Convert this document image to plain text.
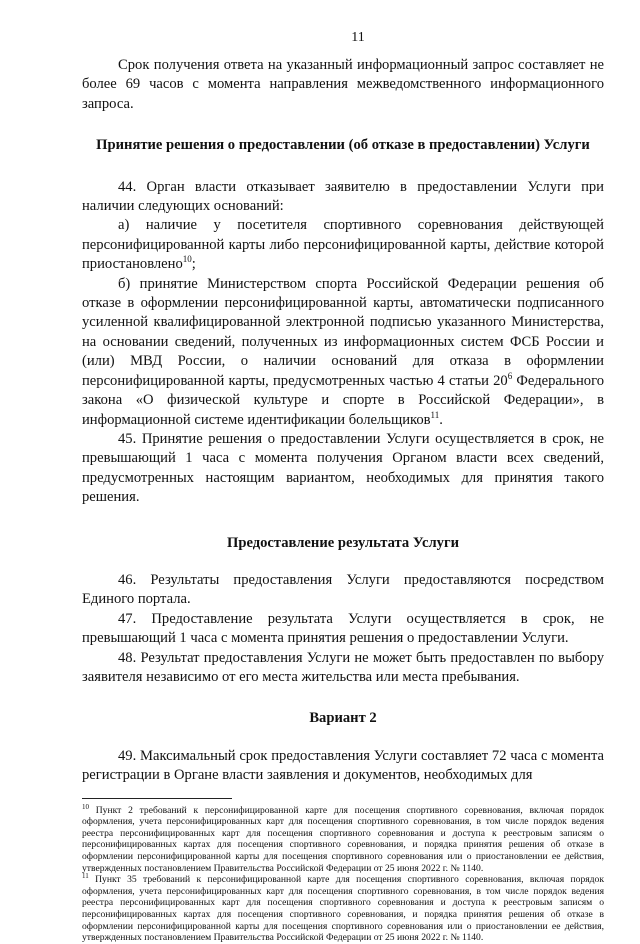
11

Срок получения ответа на указанный информационный запрос составляет не более 69 часов с момента направления межведомственного информационного запроса.

Принятие решения о предоставлении (об отказе в предоставлении) Услуги

44. Орган власти отказывает заявителю в предоставлении Услуги при наличии следующих оснований:

а) наличие у посетителя спортивного соревнования действующей персонифицированной карты либо персонифицированной карты, действие которой приостановлено$^{10}$;

б) принятие Министерством спорта Российской Федерации решения об отказе в оформлении персонифицированной карты, автоматически подписанного усиленной квалифицированной электронной подписью указанного Министерства, на основании сведений, полученных из информационных систем ФСБ России и (или) МВД России, о наличии оснований для отказа в оформлении персонифицированной карты, предусмотренных частью 4 статьи $20^6$ Федерального закона «О физической культуре и спорте в Российской Федерации», в информационной системе идентификации болельщиков$^{11}$.

45. Принятие решения о предоставлении Услуги осуществляется в срок, не превышающий 1 часа с момента получения Органом власти всех сведений, предусмотренных настоящим вариантом, необходимых для принятия такого решения.

Предоставление результата Услуги

46. Результаты предоставления Услуги предоставляются посредством Единого портала.

47. Предоставление результата Услуги осуществляется в срок, не превышающий 1 часа с момента принятия решения о предоставлении Услуги.

48. Результат предоставления Услуги не может быть предоставлен по выбору заявителя независимо от его места жительства или места пребывания.

Вариант 2

49. Максимальный срок предоставления Услуги составляет 72 часа с момента регистрации в Органе власти заявления и документов, необходимых для

$^{10}$ Пункт 2 требований к персонифицированной карте для посещения спортивного соревнования, включая порядок оформления, учета персонифицированных карт для посещения спортивного соревнования, в том числе порядок ведения реестра персонифицированных карт для посещения спортивного соревнования и доступа к реестровым записям о персонифицированных картах для посещения спортивного соревнования, и порядка принятия решения об отказе в оформлении персонифицированной карты для посещения спортивного соревнования или о приостановлении ее действия, утвержденных постановлением Правительства Российской Федерации от 25 июня 2022 г. № 1140.

$^{11}$ Пункт 35 требований к персонифицированной карте для посещения спортивного соревнования, включая порядок оформления, учета персонифицированных карт для посещения спортивного соревнования, в том числе порядок ведения реестра персонифицированных карт для посещения спортивного соревнования и доступа к реестровым записям о персонифицированных картах для посещения спортивного соревнования, и порядка принятия решения об отказе в оформлении персонифицированной карты для посещения спортивного соревнования или о приостановлении ее действия, утвержденных постановлением Правительства Российской Федерации от 25 июня 2022 г. № 1140.
